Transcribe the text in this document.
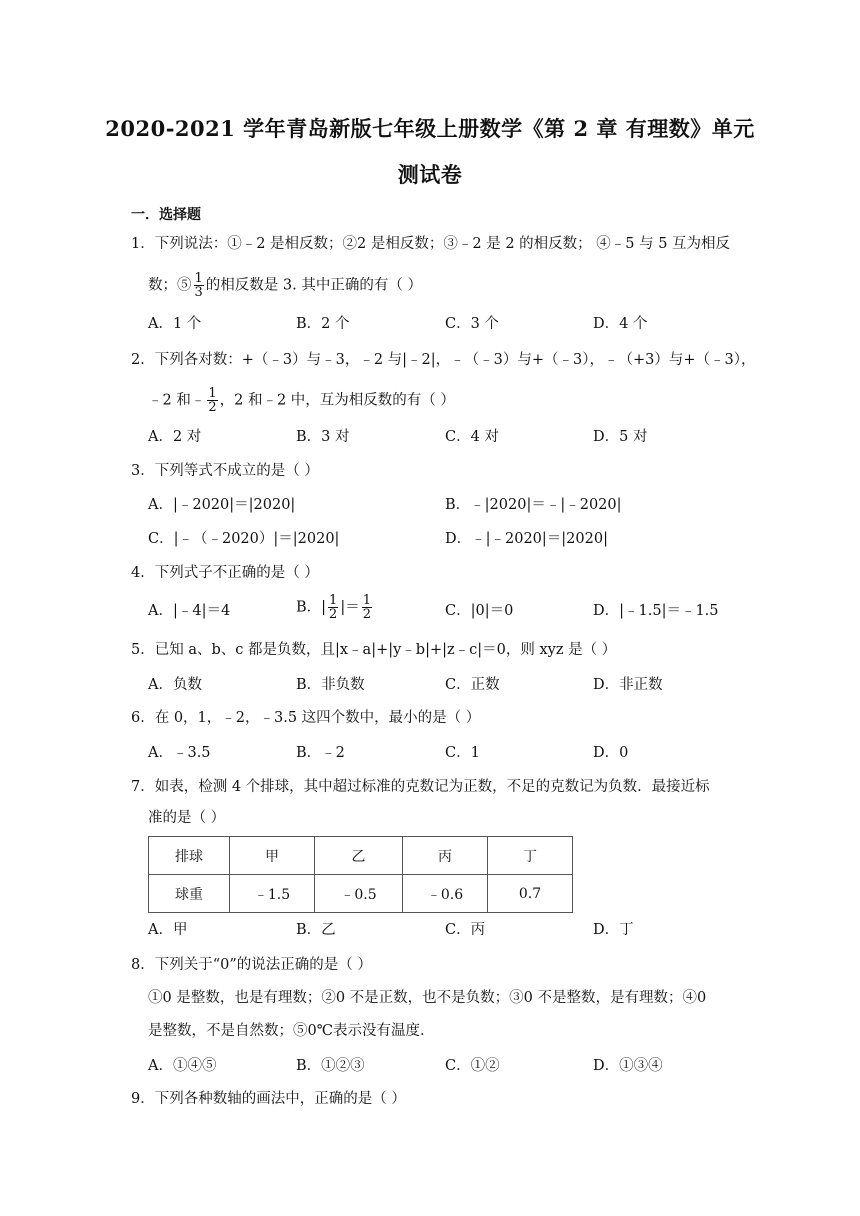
2020-2021 学年青岛新版七年级上册数学《第 2 章 有理数》单元
测试卷
一．选择题
1．下列说法：①﹣2 是相反数；②2 是相反数；③﹣2 是 2 的相反数； ④﹣5 与 5 互为相反
数；⑤ $\frac{1}{3}$ 的相反数是 3. 其中正确的有（ ）
A．1 个	B．2 个	C．3 个	D．4 个
2．下列各对数：+（﹣3）与﹣3，﹣2 与|﹣2|，﹣（﹣3）与+（﹣3），﹣（+3）与+（﹣3），
﹣2 和﹣ $\frac{1}{2}$ ，2 和﹣2 中，互为相反数的有（ ）
A．2 对	B．3 对	C．4 对	D．5 对
3．下列等式不成立的是（ ）
A．|﹣2020|＝|2020|	B．﹣|2020|＝﹣|﹣2020|
C．|﹣（﹣2020）|＝|2020|	D．﹣|﹣2020|＝|2020|
4．下列式子不正确的是（ ）
A．|﹣4|＝4	B．| $\frac{1}{2}$ |＝ $\frac{1}{2}$	C．|0|＝0	D．|﹣1.5|＝﹣1.5
5．已知 a、b、c 都是负数，且|x﹣a|+|y﹣b|+|z﹣c|＝0，则 xyz 是（ ）
A．负数	B．非负数	C．正数	D．非正数
6．在 0，1，﹣2，﹣3.5 这四个数中，最小的是（ ）
A．﹣3.5	B．﹣2	C．1	D．0
7．如表，检测 4 个排球，其中超过标准的克数记为正数，不足的克数记为负数．最接近标
准的是（ ）
排球	甲	乙	丙	丁
球重	﹣1.5	﹣0.5	﹣0.6	0.7
A．甲	B．乙	C．丙	D．丁
8．下列关于“0”的说法正确的是（ ）
①0 是整数，也是有理数；②0 不是正数，也不是负数；③0 不是整数，是有理数；④0
是整数，不是自然数；⑤0℃表示没有温度．
A．①④⑤	B．①②③	C．①②	D．①③④
9．下列各种数轴的画法中，正确的是（ ）
